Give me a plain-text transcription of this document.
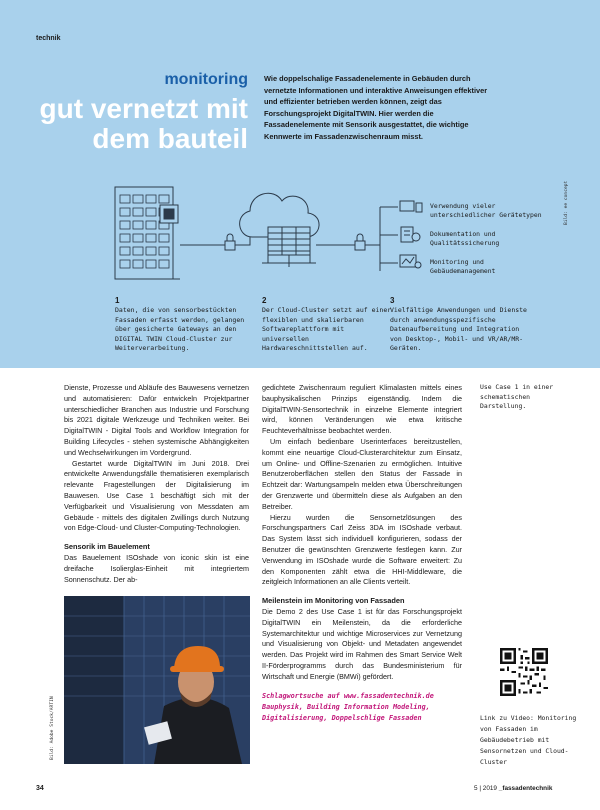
technik
monitoring
gut vernetzt mit
dem bauteil

Wie doppelschalige Fassadenelemente in Gebäuden durch vernetzte Informationen und interaktive Anweisungen effektiver und effizienter betrieben werden können, zeigt das Forschungsprojekt DigitalTWIN. Hier werden die Fassadenelemente mit Sensorik ausgestattet, die wichtige Kennwerte im Fassadenzwischenraum misst.

Verwendung vieler unterschiedlicher Gerätetypen
Dokumentation und Qualitätssicherung
Monitoring und Gebäudemanagement
Bild: ee concept
1
Daten, die von sensorbestückten Fassaden erfasst werden, gelangen über gesicherte Gateways an den DIGITAL TWIN Cloud-Cluster zur Weiterverarbeitung.
2
Der Cloud-Cluster setzt auf einer flexiblen und skalierbaren Softwareplattform mit universellen Hardwareschnittstellen auf.
3
Vielfältige Anwendungen und Dienste durch anwendungsspezifische Datenaufbereitung und Integration von Desktop-, Mobil- und VR/AR/MR-Geräten.

Dienste, Prozesse und Abläufe des Bauwesens vernetzen und automatisieren: Dafür entwickeln Projektpartner unterschiedlicher Branchen aus Industrie und Forschung bis 2021 digitale Werkzeuge und Techniken weiter. Bei DigitalTWIN - Digital Tools and Workflow Integration for Building Lifecycles - stehen systemische Abhängigkeiten und Wechselwirkungen im Vordergrund.

Gestartet wurde DigitalTWIN im Juni 2018. Drei entwickelte Anwendungsfälle thematisieren exemplarisch relevante Fragestellungen der Digitalisierung im Bauwesen. Use Case 1 beschäftigt sich mit der Verfügbarkeit und Visualisierung von Messdaten am Gebäude - mittels des digitalen Zwillings durch Nutzung von Edge-Cloud- und Cluster-Computing-Technologien.

Sensorik im Bauelement

Das Bauelement ISOshade von iconic skin ist eine dreifache Isolierglas-Einheit mit integriertem Sonnenschutz. Der ab-

gedichtete Zwischenraum reguliert Klimalasten mittels eines bauphysikalischen Prinzips eigenständig. Indem die DigitalTWIN-Sensortechnik in einzelne Elemente integriert wird, können Veränderungen wie etwa kritische Feuchteverhältnisse beobachtet werden.

Um einfach bedienbare Userinterfaces bereitzustellen, kommt eine neuartige Cloud-Clusterarchitektur zum Einsatz, um Online- und Offline-Szenarien zu ermöglichen. Intuitive Benutzeroberflächen stellen den Status der Fassade in Echtzeit dar: Wartungsampeln melden etwa Überschreitungen der Grenzwerte und übermitteln diese als Aufgaben an den Betreiber.

Hierzu wurden die Sensornetzlösungen des Forschungspartners Carl Zeiss 3DA im ISOshade verbaut. Das System lässt sich individuell konfigurieren, sodass der Benutzer die gewünschten Grenzwerte festlegen kann. Zur Verwendung im ISOshade wurde die Software erweitert: Zu den Komponenten zählt etwa die HHI-Middleware, die zeitgleich Informationen an alle Clients verteilt.

Meilenstein im Monitoring von Fassaden

Die Demo 2 des Use Case 1 ist für das Forschungsprojekt DigitalTWIN ein Meilenstein, da die erforderliche Systemarchitektur und wichtige Microservices zur Vernetzung und Visualisierung von Objekt- und Metadaten angewendet werden. Das Projekt wird im Rahmen des Smart Service Welt II-Förderprogramms durch das Bundesministerium für Wirtschaft und Energie (BMWi) gefördert.

Schlagwortsuche auf www.fassadentechnik.de Bauphysik, Building Information Modeling, Digitalisierung, Doppelschlige Fassaden

Use Case 1 in einer schematischen Darstellung.
Bild: Adobe Stock/ARTIN	Link zu Video: Monitoring von Fassaden im Gebäudebetrieb mit Sensornetzen und Cloud-Cluster
34	5 | 2019 _fassadentechnik
